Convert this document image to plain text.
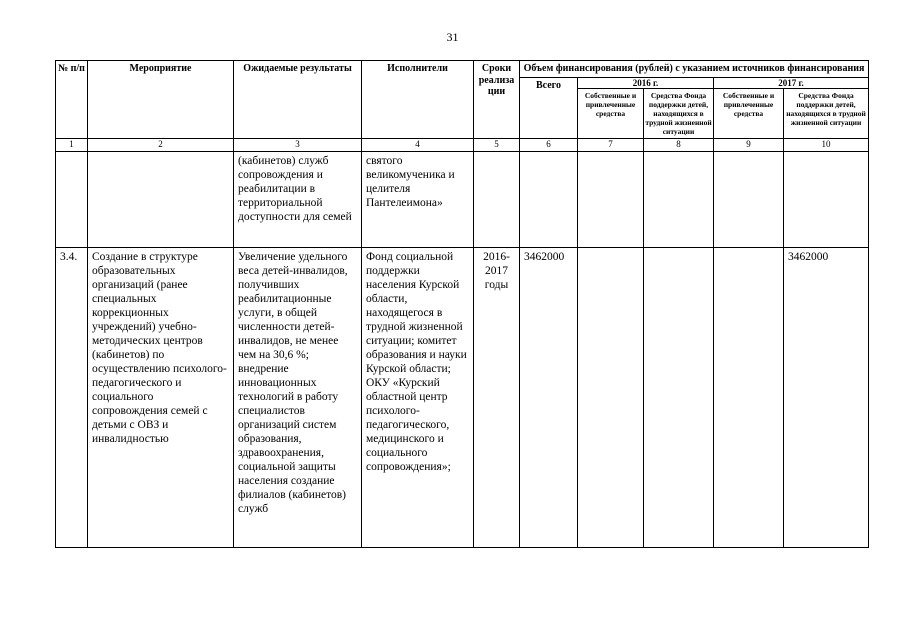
31
№ п/п	Мероприятие	Ожидаемые результаты	Исполнители	Сроки реализации	Объем финансирования (рублей) с указанием источников финансирования				
					Всего	2016 г.		2017 г.	
						Собственные и привлеченные средства	Средства Фонда поддержки детей, находящихся в трудной жизненной ситуации	Собственные и привлеченные средства	Средства Фонда поддержки детей, находящихся в трудной жизненной ситуации
1	2	3	4	5	6	7	8	9	10
		(кабинетов) служб сопровождения и реабилитации в территориальной доступности для семей	святого великомученика и целителя Пантелеимона»						
3.4.	Создание в структуре образовательных организаций (ранее специальных коррекционных учреждений) учебно-методических центров (кабинетов) по осуществлению психолого-педагогического и социального сопровождения семей с детьми с ОВЗ и инвалидностью	Увеличение удельного веса детей-инвалидов, получивших реабилитационные услуги, в общей численности детей-инвалидов, не менее чем на 30,6 %; внедрение инновационных технологий в работу специалистов организаций систем образования, здравоохранения, социальной защиты населения создание филиалов (кабинетов) служб	Фонд социальной поддержки населения Курской области, находящегося в трудной жизненной ситуации; комитет образования и науки Курской области; ОКУ «Курский областной центр психолого-педагогического, медицинского и социального сопровождения»;	2016-2017 годы	3462000				3462000
